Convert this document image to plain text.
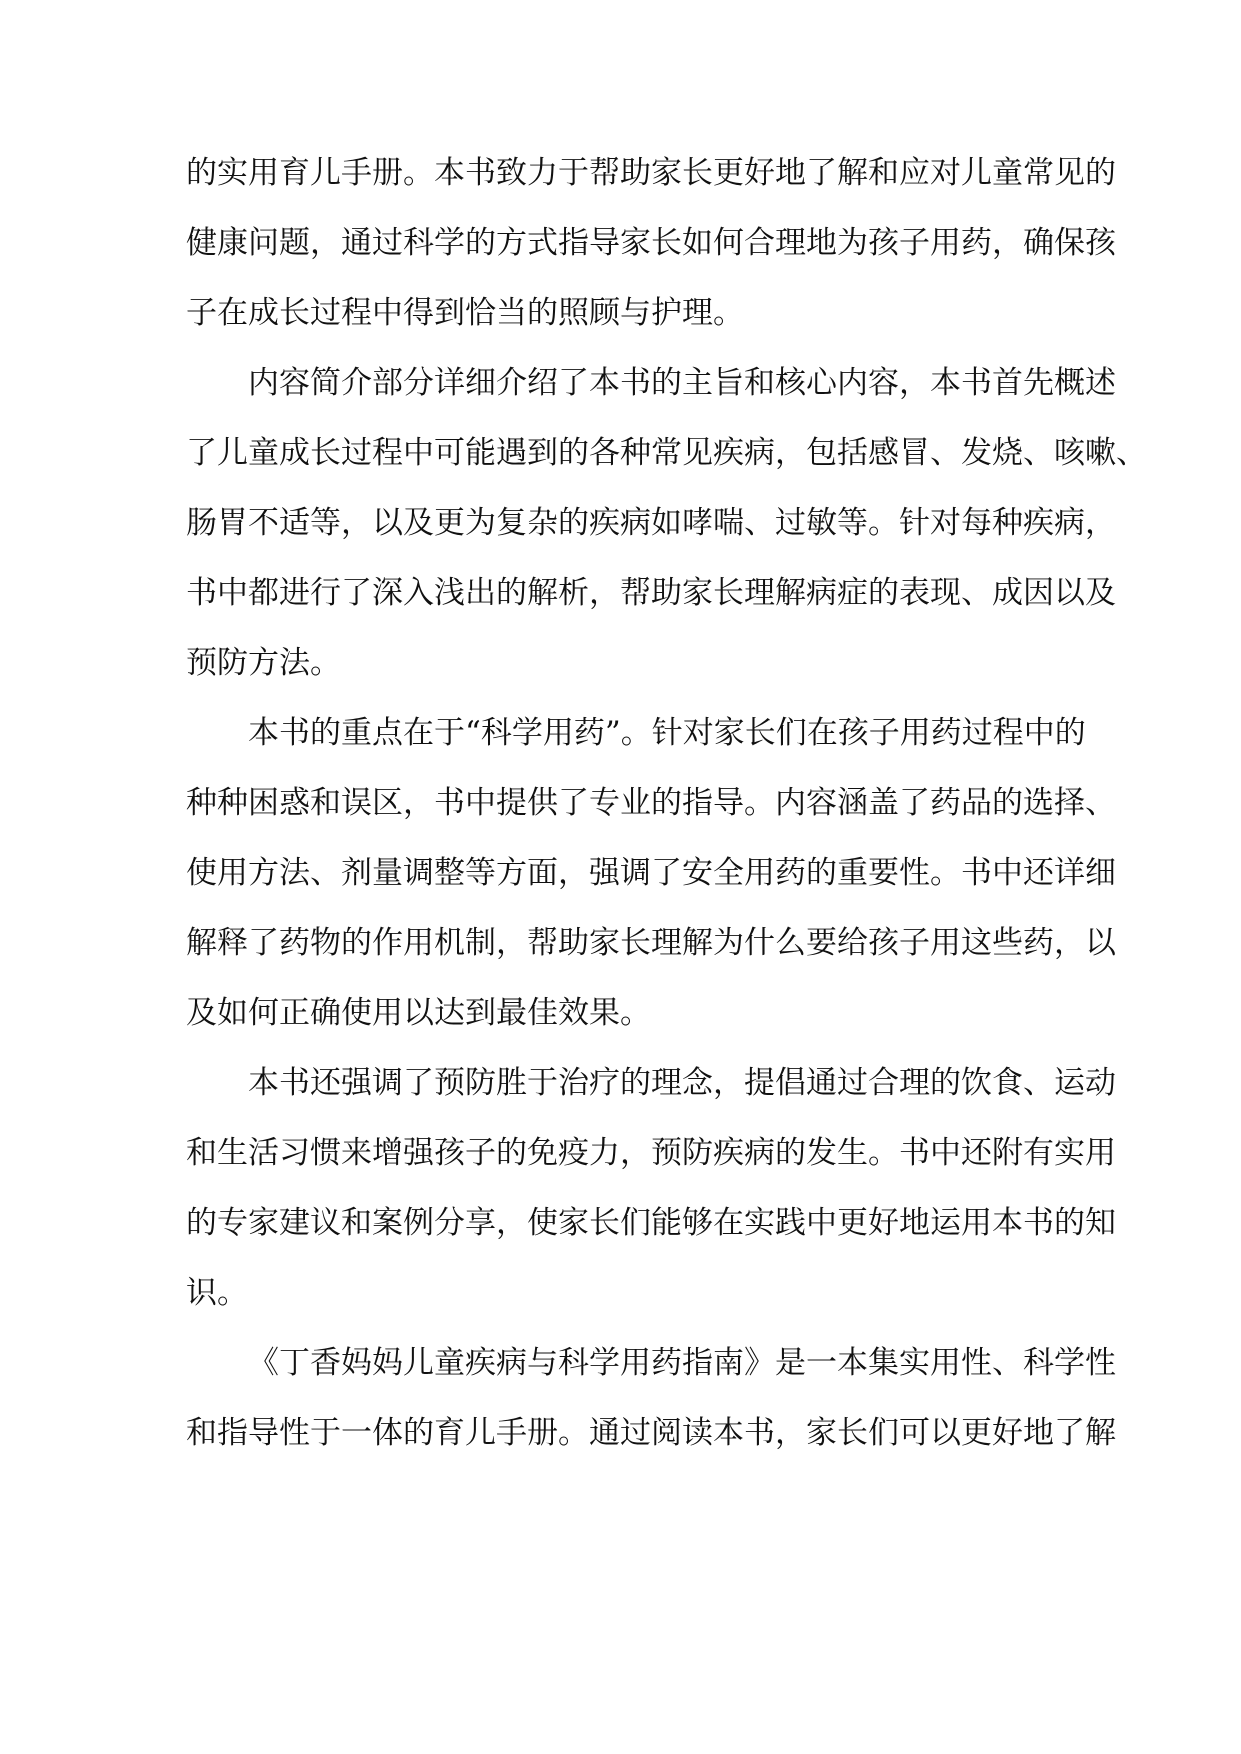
的实用育儿手册。本书致力于帮助家长更好地了解和应对儿童常见的
健康问题，通过科学的方式指导家长如何合理地为孩子用药，确保孩
子在成长过程中得到恰当的照顾与护理。
内容简介部分详细介绍了本书的主旨和核心内容，本书首先概述
了儿童成长过程中可能遇到的各种常见疾病，包括感冒、发烧、咳嗽、
肠胃不适等，以及更为复杂的疾病如哮喘、过敏等。针对每种疾病，
书中都进行了深入浅出的解析，帮助家长理解病症的表现、成因以及
预防方法。
本书的重点在于“科学用药”。针对家长们在孩子用药过程中的
种种困惑和误区，书中提供了专业的指导。内容涵盖了药品的选择、
使用方法、剂量调整等方面，强调了安全用药的重要性。书中还详细
解释了药物的作用机制，帮助家长理解为什么要给孩子用这些药，以
及如何正确使用以达到最佳效果。
本书还强调了预防胜于治疗的理念，提倡通过合理的饮食、运动
和生活习惯来增强孩子的免疫力，预防疾病的发生。书中还附有实用
的专家建议和案例分享，使家长们能够在实践中更好地运用本书的知
识。
《丁香妈妈儿童疾病与科学用药指南》是一本集实用性、科学性
和指导性于一体的育儿手册。通过阅读本书，家长们可以更好地了解
